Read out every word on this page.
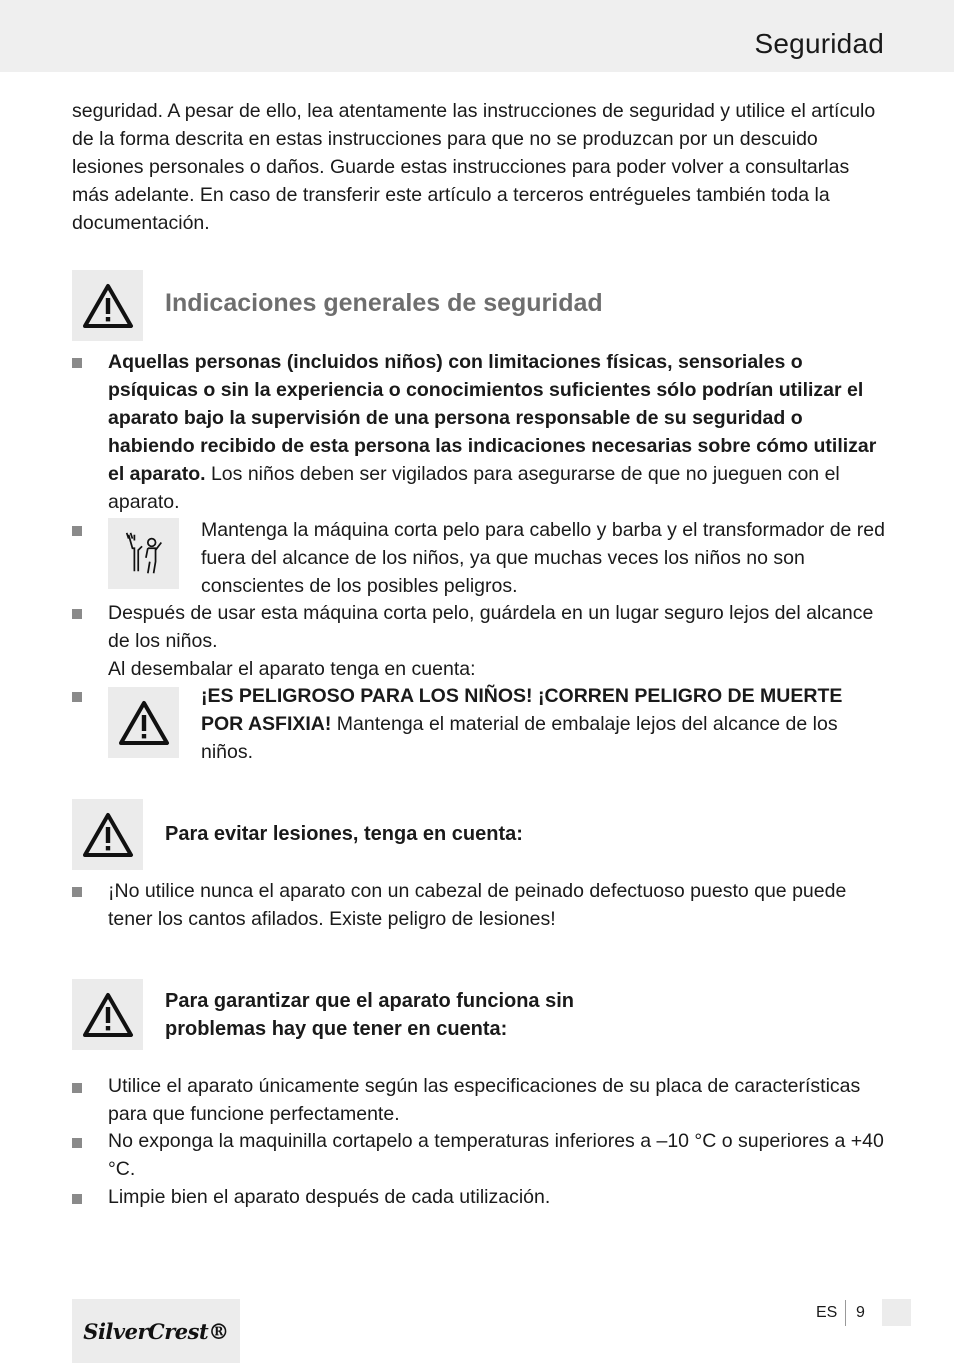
Seguridad
seguridad. A pesar de ello, lea atentamente las instrucciones de seguridad y utilice el artículo de la forma descrita en estas instrucciones para que no se produzcan por un descuido lesiones personales o daños. Guarde estas instrucciones para poder volver a consultarlas más adelante. En caso de transferir este artículo a terceros entrégueles también toda la documentación.
Indicaciones generales de seguridad
Aquellas personas (incluidos niños) con limitaciones físicas, sensoriales o psíquicas o sin la experiencia o conocimientos suficientes sólo podrían utilizar el aparato bajo la supervisión de una persona responsable de su seguridad o habiendo recibido de esta persona las indicaciones necesarias sobre cómo utilizar el aparato. Los niños deben ser vigilados para asegurarse de que no jueguen con el aparato.
Mantenga la máquina corta pelo para cabello y barba y el transformador de red fuera del alcance de los niños, ya que muchas veces los niños no son conscientes de los posibles peligros.
Después de usar esta máquina corta pelo, guárdela en un lugar seguro lejos del alcance de los niños.
Al desembalar el aparato tenga en cuenta:
¡ES PELIGROSO PARA LOS NIÑOS! ¡CORREN PELIGRO DE MUERTE POR ASFIXIA! Mantenga el material de embalaje lejos del alcance de los niños.
Para evitar lesiones, tenga en cuenta:
¡No utilice nunca el aparato con un cabezal de peinado defectuoso puesto que puede tener los cantos afilados. Existe peligro de lesiones!
Para garantizar que el aparato funciona sin
problemas hay que tener en cuenta:
Utilice el aparato únicamente según las especificaciones de su placa de características para que funcione perfectamente.
No exponga la maquinilla cortapelo a temperaturas inferiores a –10 °C o superiores a +40 °C.
Limpie bien el aparato después de cada utilización.
SilverCrest®
ES 9
